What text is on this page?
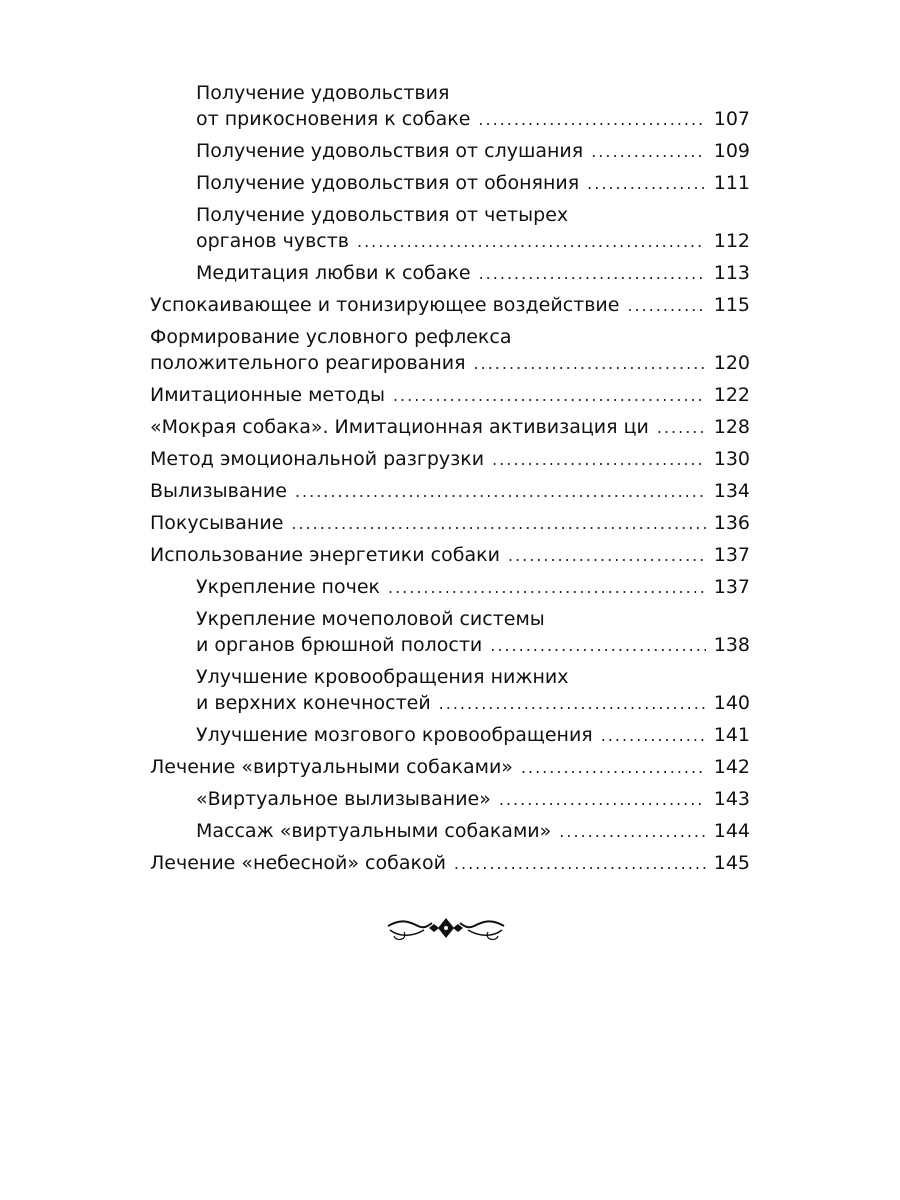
Получение удовольствия
от прикосновения к собаке .....	107
Получение удовольствия от слушания .....	109
Получение удовольствия от обоняния .....	111
Получение удовольствия от четырех
органов чувств .....	112
Медитация любви к собаке .....	113
Успокаивающее и тонизирующее воздействие .....	115
Формирование условного рефлекса
положительного реагирования .....	120
Имитационные методы .....	122
«Мокрая собака». Имитационная активизация ци .....	128
Метод эмоциональной разгрузки .....	130
Вылизывание .....	134
Покусывание .....	136
Использование энергетики собаки .....	137
Укрепление почек .....	137
Укрепление мочеполовой системы
и органов брюшной полости .....	138
Улучшение кровообращения нижних
и верхних конечностей .....	140
Улучшение мозгового кровообращения .....	141
Лечение «виртуальными собаками» .....	142
«Виртуальное вылизывание» .....	143
Массаж «виртуальными собаками» .....	144
Лечение «небесной» собакой .....	145
